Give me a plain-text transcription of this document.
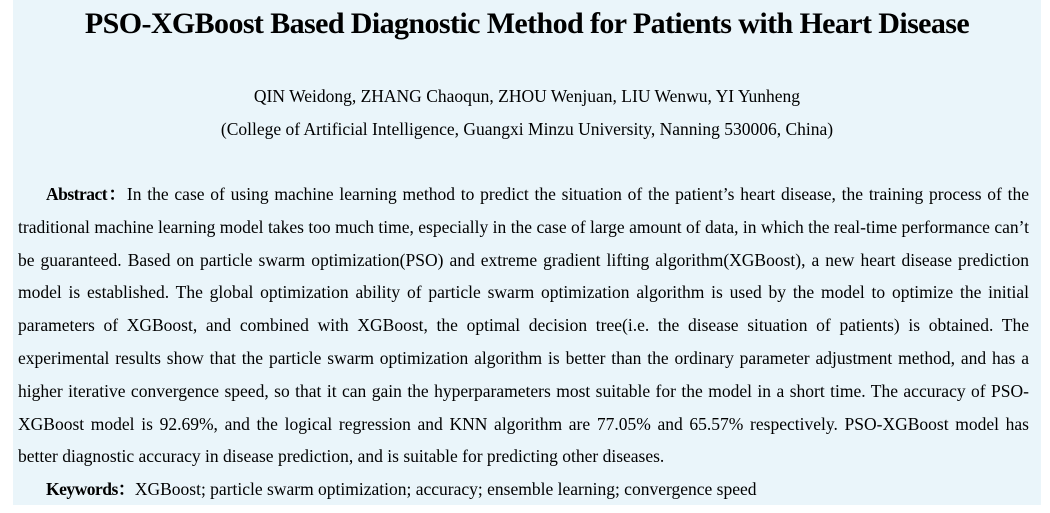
PSO-XGBoost Based Diagnostic Method for Patients with Heart Disease
QIN Weidong, ZHANG Chaoqun, ZHOU Wenjuan, LIU Wenwu, YI Yunheng
(College of Artificial Intelligence, Guangxi Minzu University, Nanning 530006, China)

Abstract：In the case of using machine learning method to predict the situation of the patient’s heart disease, the training process of the traditional machine learning model takes too much time, especially in the case of large amount of data, in which the real-time performance can’t be guaranteed. Based on particle swarm optimization(PSO) and extreme gradient lifting algorithm(XGBoost), a new heart disease prediction model is established. The global optimization ability of particle swarm optimization algorithm is used by the model to optimize the initial parameters of XGBoost, and combined with XGBoost, the optimal decision tree(i.e. the disease situation of patients) is obtained. The experimental results show that the particle swarm optimization algorithm is better than the ordinary parameter adjustment method, and has a higher iterative convergence speed, so that it can gain the hyperparameters most suitable for the model in a short time. The accuracy of PSO-XGBoost model is 92.69%, and the logical regression and KNN algorithm are 77.05% and 65.57% respectively. PSO-XGBoost model has better diagnostic accuracy in disease prediction, and is suitable for predicting other diseases.

Keywords：XGBoost; particle swarm optimization; accuracy; ensemble learning; convergence speed
